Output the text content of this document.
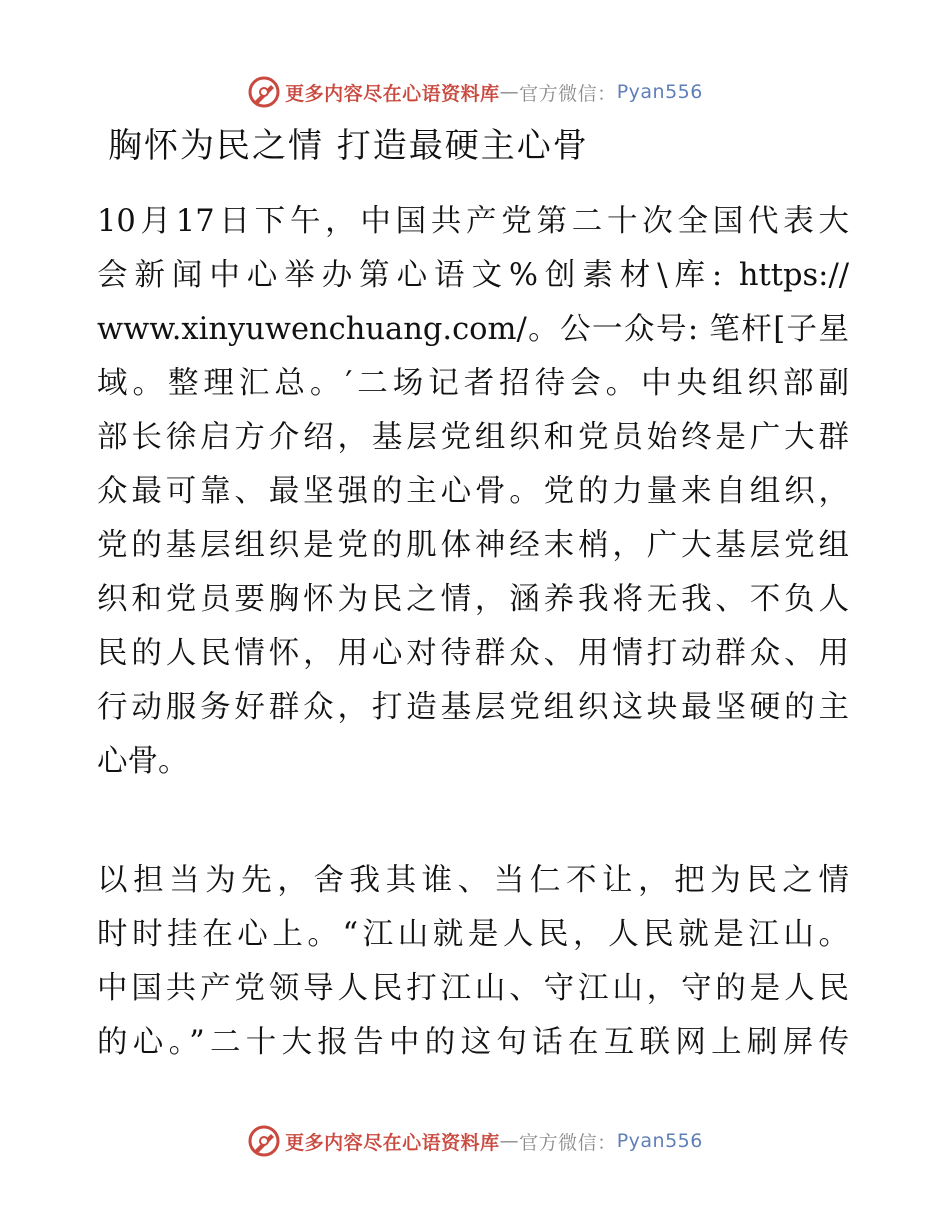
更多内容尽在心语资料库 — 官方微信： Pyan556
胸怀为民之情 打造最硬主心骨
10月17日下午，中国共产党第二十次全国代表大
会新闻中心举办第心语文%创素材\库: https://
www.xinyuwenchuang.com/。公一众号: 笔杆[子星
域。整理汇总。′二场记者招待会。中央组织部副
部长徐启方介绍，基层党组织和党员始终是广大群
众最可靠、最坚强的主心骨。党的力量来自组织，
党的基层组织是党的肌体神经末梢，广大基层党组
织和党员要胸怀为民之情，涵养我将无我、不负人
民的人民情怀，用心对待群众、用情打动群众、用
行动服务好群众，打造基层党组织这块最坚硬的主
心骨。
以担当为先，舍我其谁、当仁不让，把为民之情
时时挂在心上。“江山就是人民，人民就是江山。
中国共产党领导人民打江山、守江山，守的是人民
的心。”二十大报告中的这句话在互联网上刷屏传
更多内容尽在心语资料库 — 官方微信： Pyan556
